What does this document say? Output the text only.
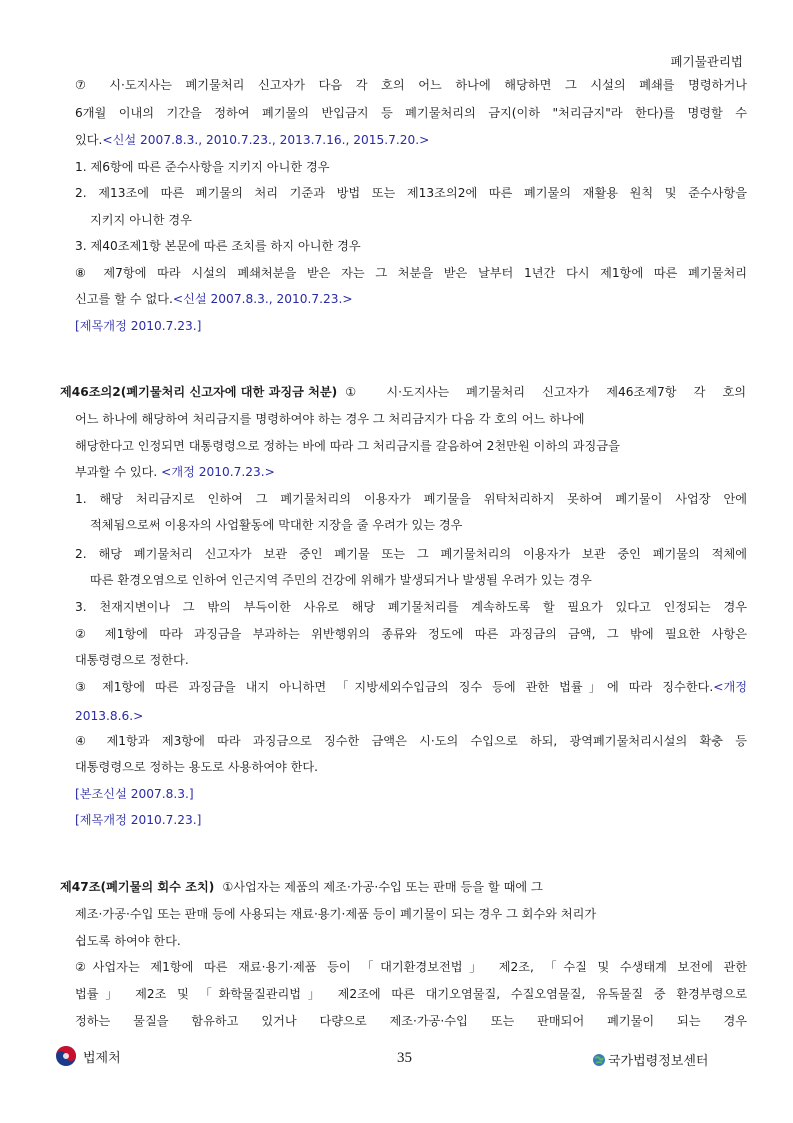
폐기물관리법
⑦ 시·도지사는 폐기물처리 신고자가 다음 각 호의 어느 하나에 해당하면 그 시설의 폐쇄를 명령하거나
6개월 이내의 기간을 정하여 폐기물의 반입금지 등 폐기물처리의 금지(이하 "처리금지"라 한다)를 명령할 수
있다.<신설 2007.8.3., 2010.7.23., 2013.7.16., 2015.7.20.>
1. 제6항에 따른 준수사항을 지키지 아니한 경우
2. 제13조에 따른 폐기물의 처리 기준과 방법 또는 제13조의2에 따른 폐기물의 재활용 원칙 및 준수사항을
지키지 아니한 경우
3. 제40조제1항 본문에 따른 조치를 하지 아니한 경우
⑧ 제7항에 따라 시설의 폐쇄처분을 받은 자는 그 처분을 받은 날부터 1년간 다시 제1항에 따른 폐기물처리
신고를 할 수 없다.<신설 2007.8.3., 2010.7.23.>
[제목개정 2010.7.23.]
제46조의2(폐기물처리 신고자에 대한 과징금 처분) ① 시·도지사는 폐기물처리 신고자가 제46조제7항 각 호의
어느 하나에 해당하여 처리금지를 명령하여야 하는 경우 그 처리금지가 다음 각 호의 어느 하나에
해당한다고 인정되면 대통령령으로 정하는 바에 따라 그 처리금지를 갈음하여 2천만원 이하의 과징금을
부과할 수 있다. <개정 2010.7.23.>
1. 해당 처리금지로 인하여 그 폐기물처리의 이용자가 폐기물을 위탁처리하지 못하여 폐기물이 사업장 안에
적체됨으로써 이용자의 사업활동에 막대한 지장을 줄 우려가 있는 경우
2. 해당 폐기물처리 신고자가 보관 중인 폐기물 또는 그 폐기물처리의 이용자가 보관 중인 폐기물의 적체에
따른 환경오염으로 인하여 인근지역 주민의 건강에 위해가 발생되거나 발생될 우려가 있는 경우
3. 천재지변이나 그 밖의 부득이한 사유로 해당 폐기물처리를 계속하도록 할 필요가 있다고 인정되는 경우
② 제1항에 따라 과징금을 부과하는 위반행위의 종류와 정도에 따른 과징금의 금액, 그 밖에 필요한 사항은
대통령령으로 정한다.
③ 제1항에 따른 과징금을 내지 아니하면 「지방세외수입금의 징수 등에 관한 법률」에 따라 징수한다. <개정
2013.8.6.>
④ 제1항과 제3항에 따라 과징금으로 징수한 금액은 시·도의 수입으로 하되, 광역폐기물처리시설의 확충 등
대통령령으로 정하는 용도로 사용하여야 한다.
[본조신설 2007.8.3.]
[제목개정 2010.7.23.]
제47조(폐기물의 회수 조치) ①사업자는 제품의 제조·가공·수입 또는 판매 등을 할 때에 그
제조·가공·수입 또는 판매 등에 사용되는 재료·용기·제품 등이 폐기물이 되는 경우 그 회수와 처리가
쉽도록 하여야 한다.
②사업자는 제1항에 따른 재료·용기·제품 등이 「대기환경보전법」 제2조, 「수질 및 수생태계 보전에 관한
법률」 제2조 및 「화학물질관리법」 제2조에 따른 대기오염물질, 수질오염물질, 유독물질 중 환경부령으로
정하는 물질을 함유하고 있거나 다량으로 제조·가공·수입 또는 판매되어 폐기물이 되는 경우
법제처	35	국가법령정보센터
